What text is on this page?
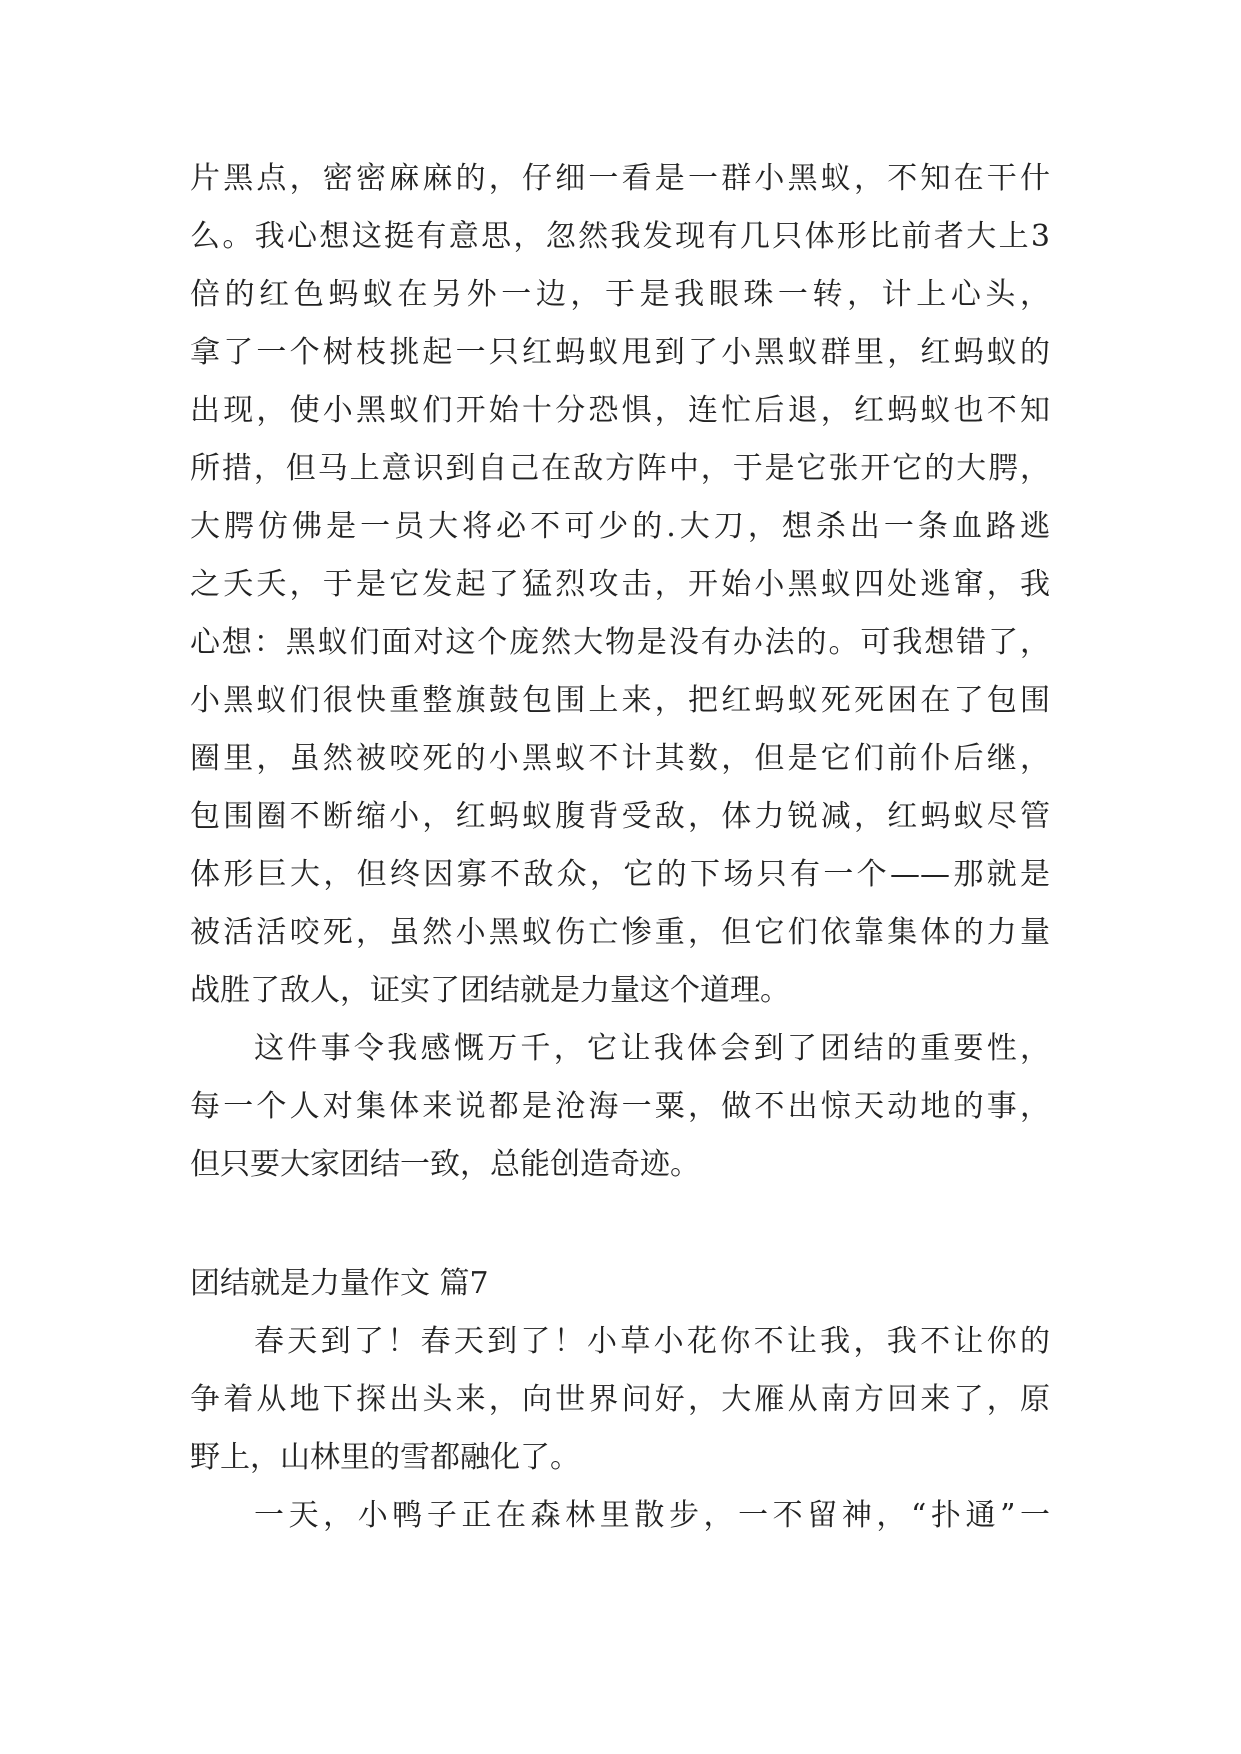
片黑点，密密麻麻的，仔细一看是一群小黑蚁，不知在干什
么。我心想这挺有意思，忽然我发现有几只体形比前者大上3
倍的红色蚂蚁在另外一边，于是我眼珠一转，计上心头，
拿了一个树枝挑起一只红蚂蚁甩到了小黑蚁群里，红蚂蚁的
出现，使小黑蚁们开始十分恐惧，连忙后退，红蚂蚁也不知
所措，但马上意识到自己在敌方阵中，于是它张开它的大腭，
大腭仿佛是一员大将必不可少的.大刀，想杀出一条血路逃
之夭夭，于是它发起了猛烈攻击，开始小黑蚁四处逃窜，我
心想：黑蚁们面对这个庞然大物是没有办法的。可我想错了，
小黑蚁们很快重整旗鼓包围上来，把红蚂蚁死死困在了包围
圈里，虽然被咬死的小黑蚁不计其数，但是它们前仆后继，
包围圈不断缩小，红蚂蚁腹背受敌，体力锐减，红蚂蚁尽管
体形巨大，但终因寡不敌众，它的下场只有一个——那就是
被活活咬死，虽然小黑蚁伤亡惨重，但它们依靠集体的力量
战胜了敌人，证实了团结就是力量这个道理。
这件事令我感慨万千，它让我体会到了团结的重要性，
每一个人对集体来说都是沧海一粟，做不出惊天动地的事，
但只要大家团结一致，总能创造奇迹。
团结就是力量作文 篇7
春天到了！春天到了！小草小花你不让我，我不让你的
争着从地下探出头来，向世界问好，大雁从南方回来了，原
野上，山林里的雪都融化了。
一天，小鸭子正在森林里散步，一不留神，“扑通”一
